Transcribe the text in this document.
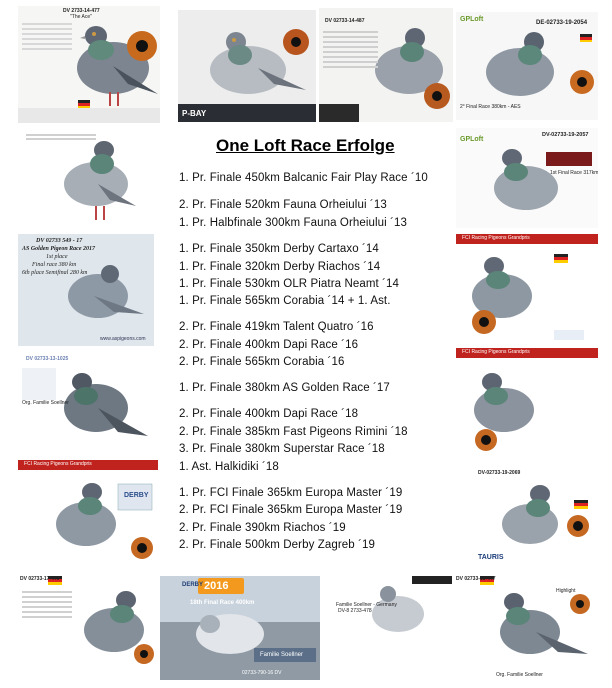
DV 2733-14-477
"The Ace"
P-BAY
DV 02733-14-487	GPLoft	DE-02733-19-2054
2° Final Race 380km - AES
GPLoft
DV-02733-19-2057
1st Final Race 317km
DV 02733 549 - 17
AS Golden Pigeon Race 2017
1st place
Final race 380 km
6th place Semifinal 280 km
www.aspigeons.com
FCI Racing Pigeons Grandpris
DV 02733-13-1025
Org. Familie Soellner
FCI Racing Pigeons Grandpris
FCI Racing Pigeons Grandpris
DERBY
DV-02733-19-2069
TAURIS
DV 02733-17-449
DERBY 2016
18th Final Race 400km
Familie Soellner
02733-790-16 DV
DV-8 2733-478
Familie Soellner - Germany
DV 02733-18-447
Highlight
Org. Familie Soellner
One Loft Race Erfolge
1. Pr. Finale 450km Balcanic Fair Play Race ´10
2. Pr. Finale 520km Fauna Orheiului ´13
1. Pr. Halbfinale 300km Fauna Orheiului ´13
1. Pr. Finale 350km Derby Cartaxo ´14
1. Pr. Finale 320km Derby Riachos ´14
1. Pr. Finale 530km OLR Piatra Neamt ´14
1. Pr. Finale 565km Corabia ´14 + 1. Ast.
2. Pr. Finale 419km Talent Quatro ´16
2. Pr. Finale 400km Dapi Race ´16
2. Pr. Finale 565km Corabia ´16
1. Pr. Finale 380km AS Golden Race ´17
2. Pr. Finale 400km Dapi Race ´18
2. Pr. Finale 385km Fast Pigeons Rimini ´18
3. Pr. Finale 380km Superstar Race ´18
1. Ast. Halkidiki ´18
1. Pr. FCI Finale 365km Europa Master ´19
2. Pr. FCI Finale 365km Europa Master ´19
2. Pr. Finale 390km Riachos ´19
2. Pr. Finale 500km Derby Zagreb ´19
